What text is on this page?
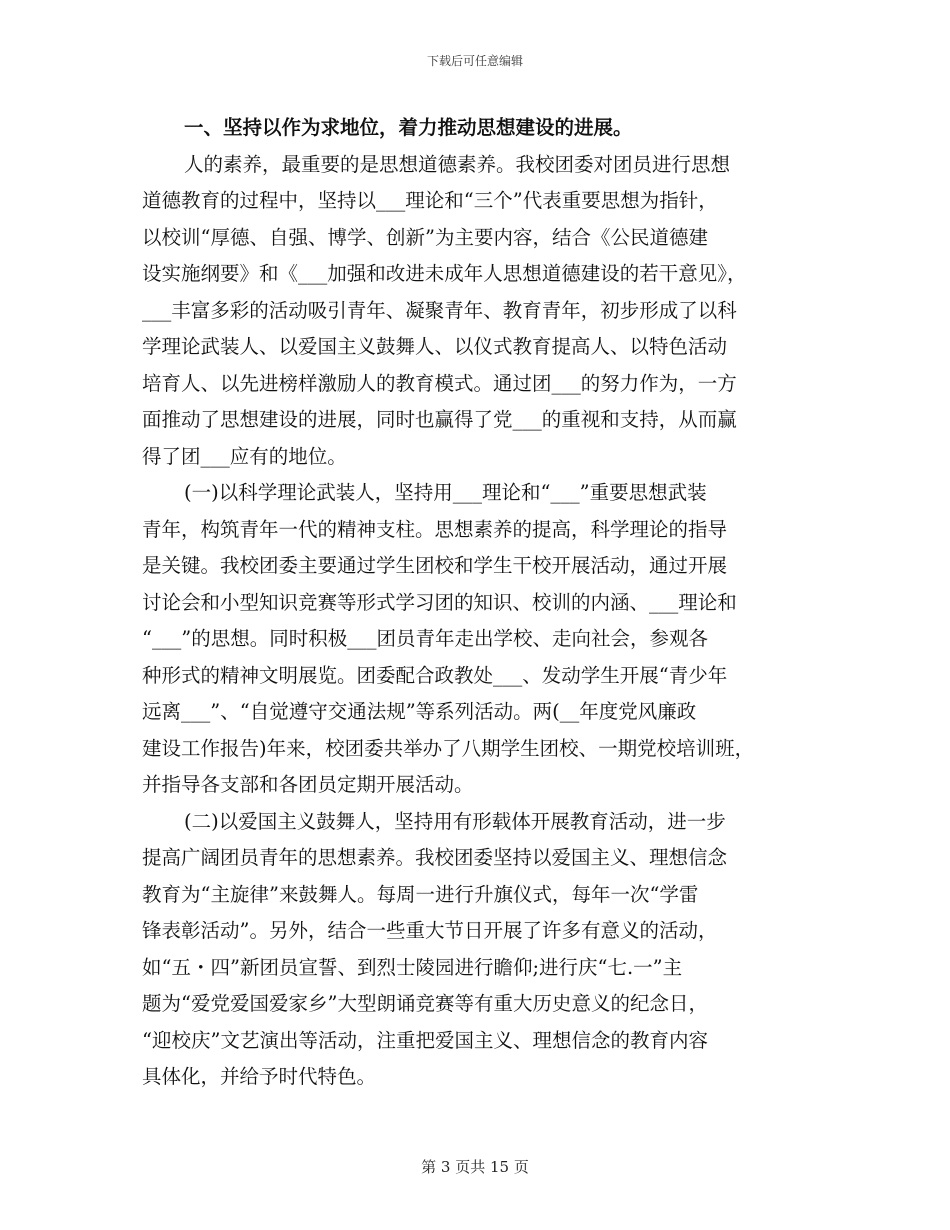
下载后可任意编辑
一、坚持以作为求地位，着力推动思想建设的进展。
人的素养，最重要的是思想道德素养。我校团委对团员进行思想
道德教育的过程中，坚持以___理论和“三个”代表重要思想为指针，
以校训“厚德、自强、博学、创新”为主要内容，结合《公民道德建
设实施纲要》和《___加强和改进未成年人思想道德建设的若干意见》，
___丰富多彩的活动吸引青年、凝聚青年、教育青年，初步形成了以科
学理论武装人、以爱国主义鼓舞人、以仪式教育提高人、以特色活动
培育人、以先进榜样激励人的教育模式。通过团___的努力作为，一方
面推动了思想建设的进展，同时也赢得了党___的重视和支持，从而赢
得了团___应有的地位。
(一)以科学理论武装人，坚持用___理论和“___”重要思想武装
青年，构筑青年一代的精神支柱。思想素养的提高，科学理论的指导
是关键。我校团委主要通过学生团校和学生干校开展活动，通过开展
讨论会和小型知识竞赛等形式学习团的知识、校训的内涵、___理论和
“___”的思想。同时积极___团员青年走出学校、走向社会，参观各
种形式的精神文明展览。团委配合政教处___、发动学生开展“青少年
远离___”、“自觉遵守交通法规”等系列活动。两(__年度党风廉政
建设工作报告)年来，校团委共举办了八期学生团校、一期党校培训班，
并指导各支部和各团员定期开展活动。
(二)以爱国主义鼓舞人，坚持用有形载体开展教育活动，进一步
提高广阔团员青年的思想素养。我校团委坚持以爱国主义、理想信念
教育为“主旋律”来鼓舞人。每周一进行升旗仪式，每年一次“学雷
锋表彰活动”。另外，结合一些重大节日开展了许多有意义的活动，
如“五・四”新团员宣誓、到烈士陵园进行瞻仰;进行庆“七.一”主
题为“爱党爱国爱家乡”大型朗诵竞赛等有重大历史意义的纪念日，
“迎校庆”文艺演出等活动，注重把爱国主义、理想信念的教育内容
具体化，并给予时代特色。
第 3 页共 15 页
